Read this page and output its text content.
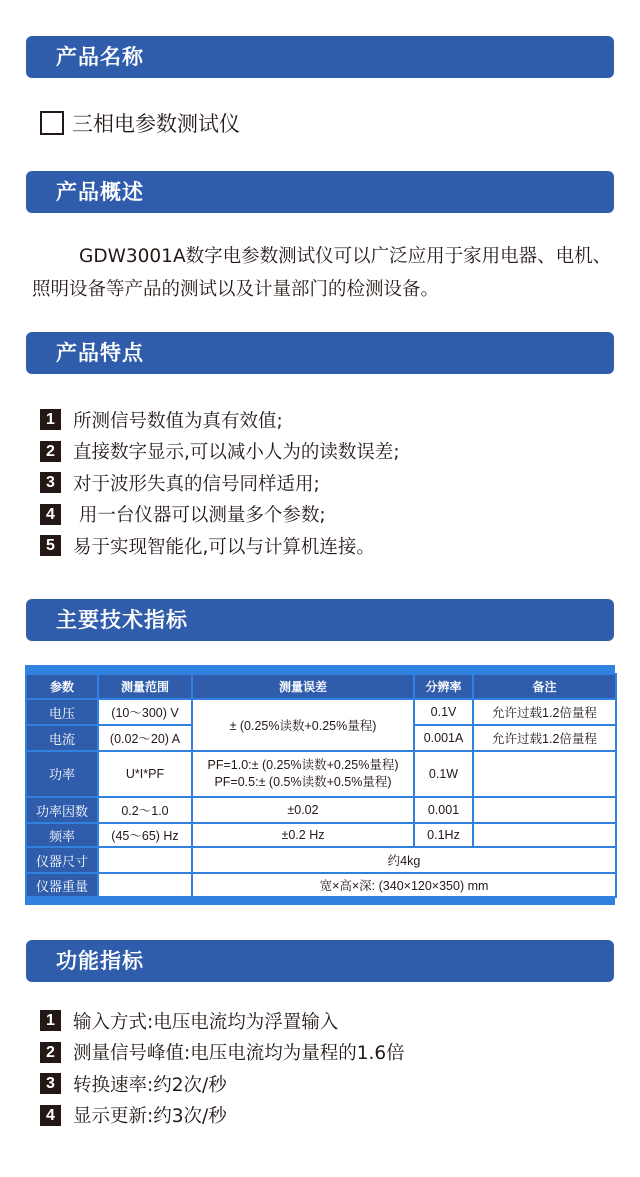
产品名称
三相电参数测试仪
产品概述

GDW3001A数字电参数测试仪可以广泛应用于家用电器、电机、照明设备等产品的测试以及计量部门的检测设备。

产品特点
1 所测信号数值为真有效值;
2 直接数字显示,可以减小人为的读数误差;
3 对于波形失真的信号同样适用;
4 用一台仪器可以测量多个参数;
5 易于实现智能化,可以与计算机连接。
主要技术指标
参数	测量范围	测量误差	分辨率	备注
电压	(10～300) V	± (0.25%读数+0.25%量程)	0.1V	允许过载1.2倍量程
电流	(0.02～20) A		0.001A	允许过载1.2倍量程
功率	U*I*PF	PF=1.0:± (0.25%读数+0.25%量程)
PF=0.5:± (0.5%读数+0.5%量程)	0.1W	
功率因数	0.2～1.0	±0.02	0.001	
频率	(45～65) Hz	±0.2 Hz	0.1Hz	
仪器尺寸		约4kg		
仪器重量		宽×高×深: (340×120×350) mm		
功能指标
1 输入方式:电压电流均为浮置输入
2 测量信号峰值:电压电流均为量程的1.6倍
3 转换速率:约2次/秒
4 显示更新:约3次/秒
